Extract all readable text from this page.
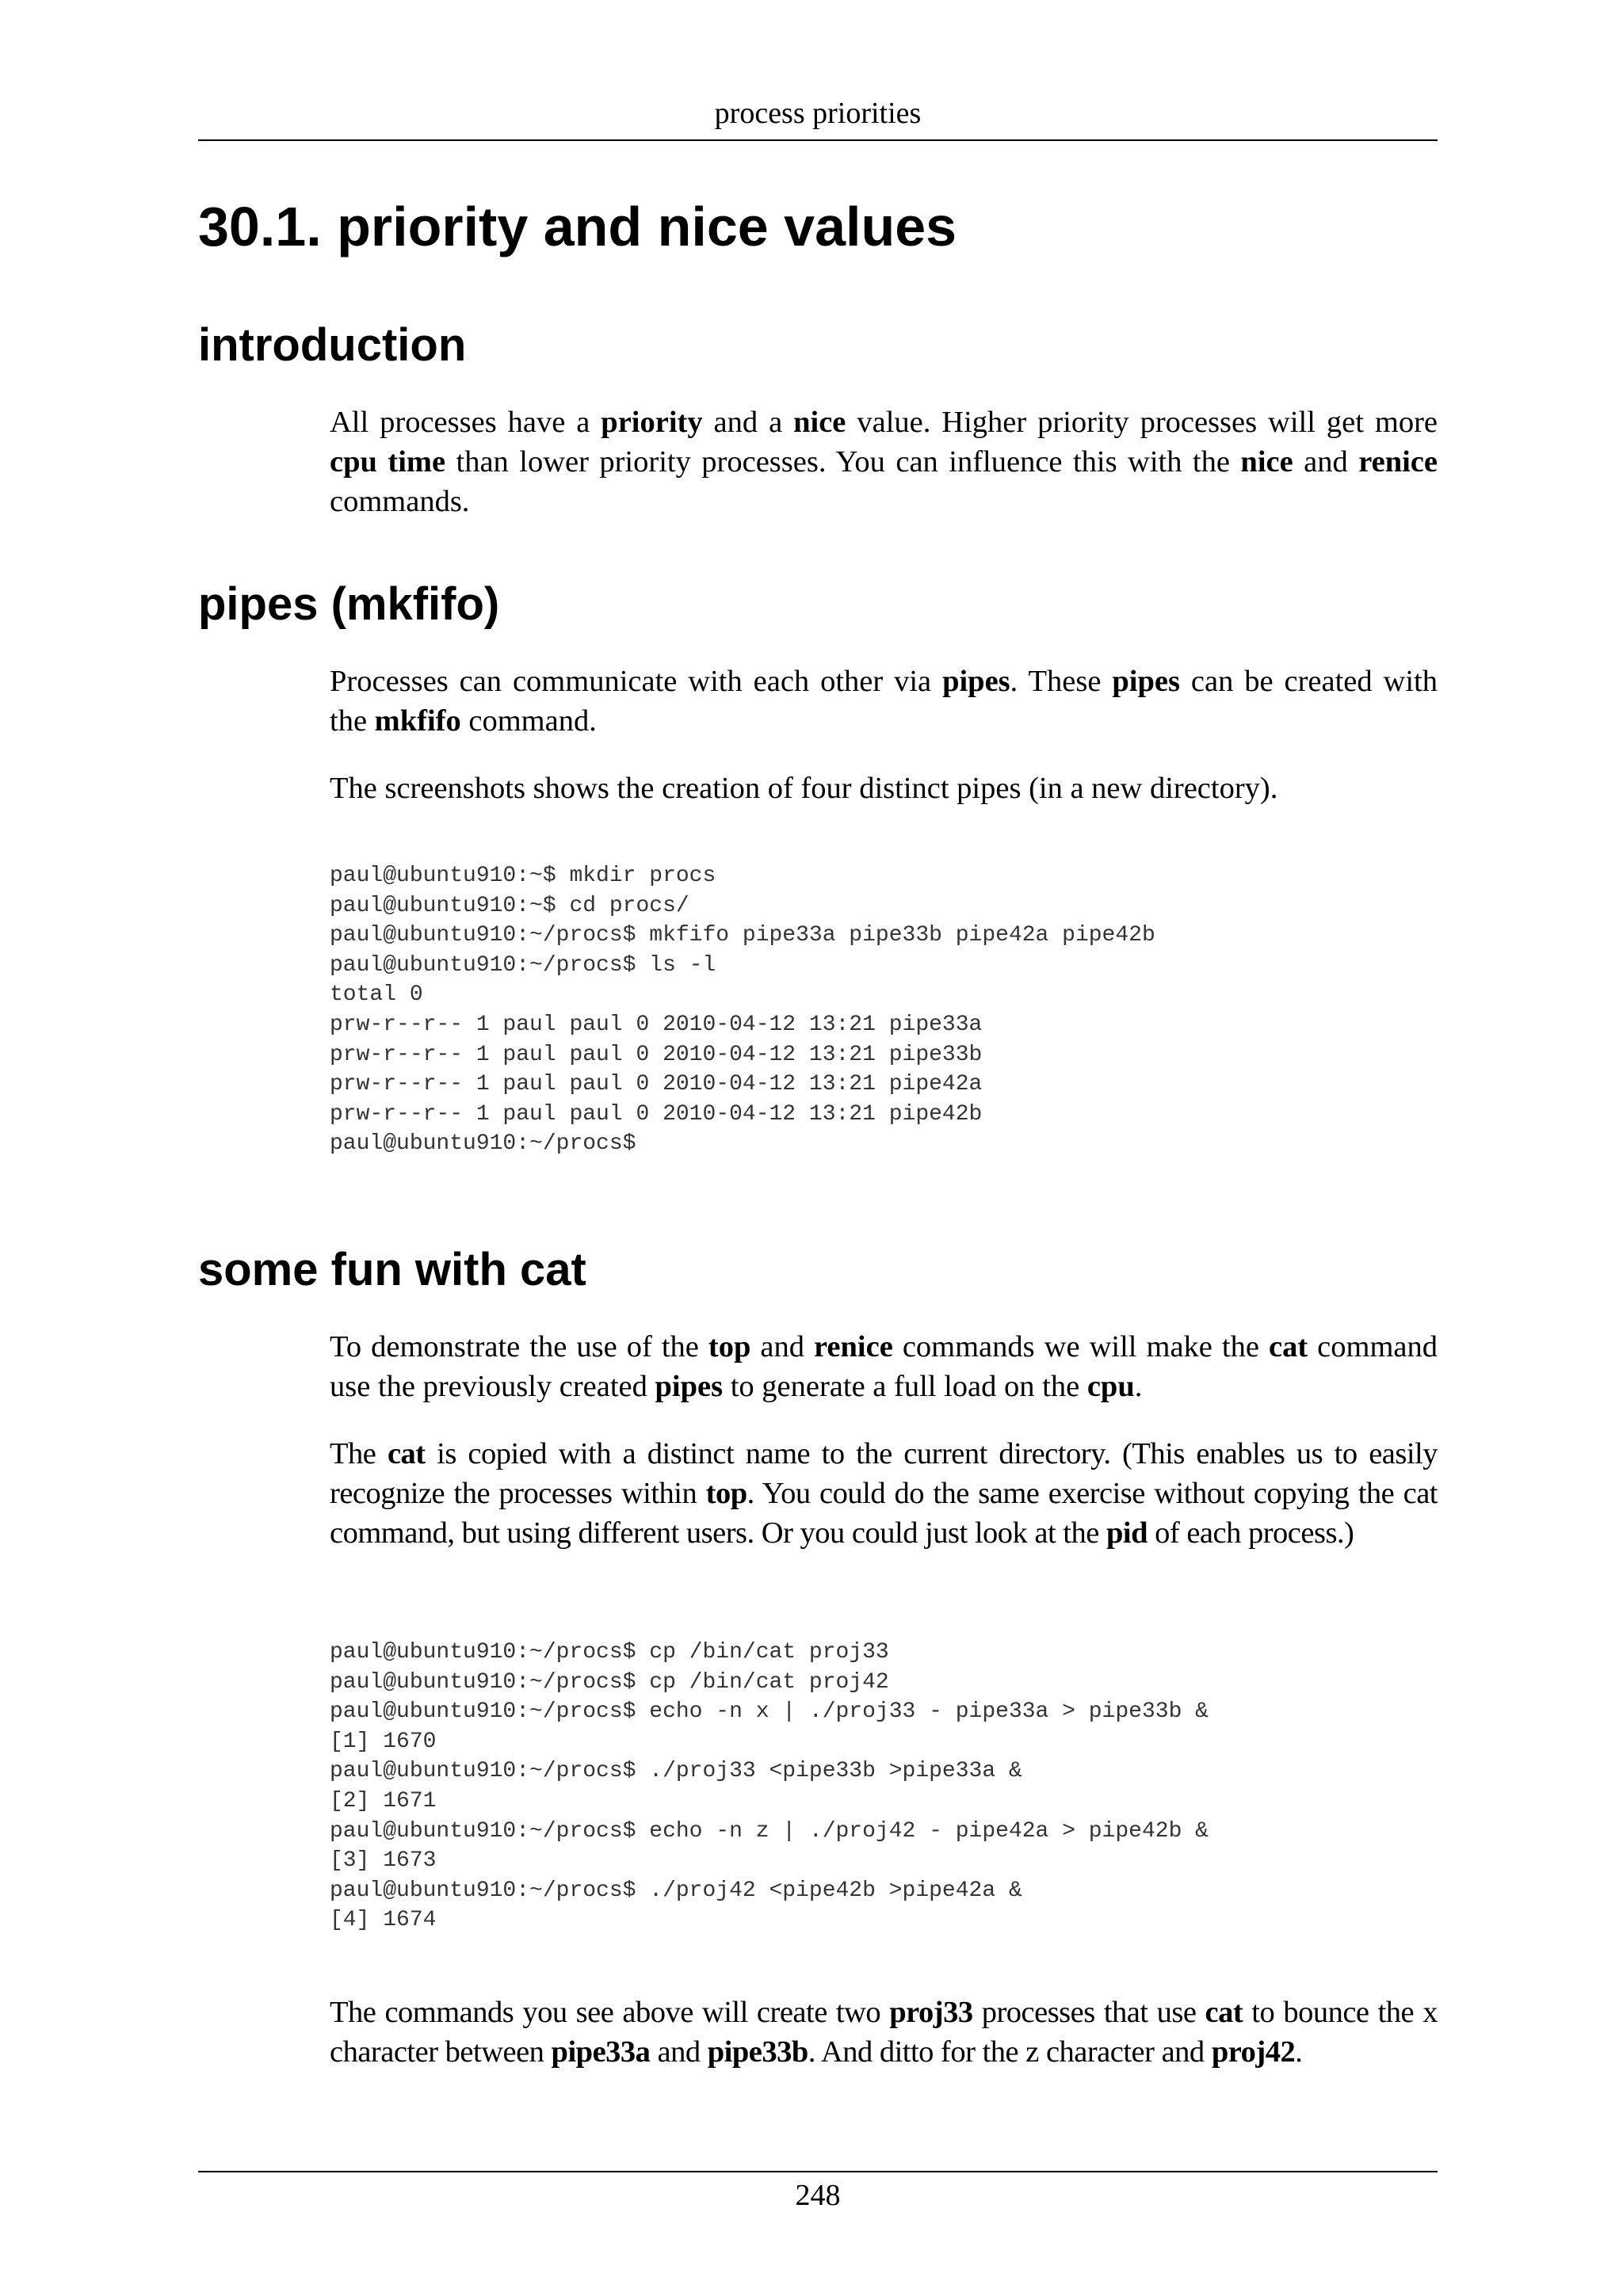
process priorities
30.1. priority and nice values
introduction

All processes have a priority and a nice value. Higher priority processes will get more cpu time than lower priority processes. You can influence this with the nice and renice commands.

pipes (mkfifo)

Processes can communicate with each other via pipes. These pipes can be created with the mkfifo command.

The screenshots shows the creation of four distinct pipes (in a new directory).

paul@ubuntu910:~$ mkdir procs
paul@ubuntu910:~$ cd procs/
paul@ubuntu910:~/procs$ mkfifo pipe33a pipe33b pipe42a pipe42b
paul@ubuntu910:~/procs$ ls -l
total 0
prw-r--r-- 1 paul paul 0 2010-04-12 13:21 pipe33a
prw-r--r-- 1 paul paul 0 2010-04-12 13:21 pipe33b
prw-r--r-- 1 paul paul 0 2010-04-12 13:21 pipe42a
prw-r--r-- 1 paul paul 0 2010-04-12 13:21 pipe42b
paul@ubuntu910:~/procs$
some fun with cat

To demonstrate the use of the top and renice commands we will make the cat command use the previously created pipes to generate a full load on the cpu.

The cat is copied with a distinct name to the current directory. (This enables us to easily recognize the processes within top. You could do the same exercise without copying the cat command, but using different users. Or you could just look at the pid of each process.)

paul@ubuntu910:~/procs$ cp /bin/cat proj33
paul@ubuntu910:~/procs$ cp /bin/cat proj42
paul@ubuntu910:~/procs$ echo -n x | ./proj33 - pipe33a > pipe33b &
[1] 1670
paul@ubuntu910:~/procs$ ./proj33 <pipe33b >pipe33a &
[2] 1671
paul@ubuntu910:~/procs$ echo -n z | ./proj42 - pipe42a > pipe42b &
[3] 1673
paul@ubuntu910:~/procs$ ./proj42 <pipe42b >pipe42a &
[4] 1674

The commands you see above will create two proj33 processes that use cat to bounce the x character between pipe33a and pipe33b. And ditto for the z character and proj42.

248
